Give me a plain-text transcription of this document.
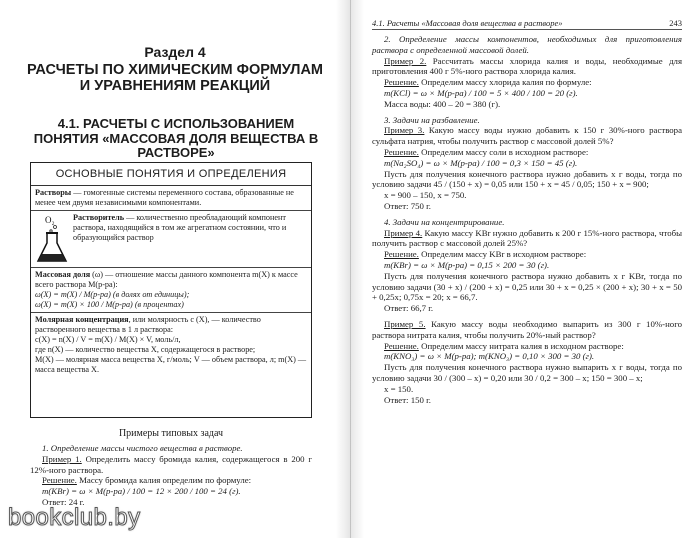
Раздел 4
РАСЧЕТЫ ПО ХИМИЧЕСКИМ ФОРМУЛАМ И УРАВНЕНИЯМ РЕАКЦИЙ
4.1. РАСЧЕТЫ С ИСПОЛЬЗОВАНИЕМ ПОНЯТИЯ «МАССОВАЯ ДОЛЯ ВЕЩЕСТВА В РАСТВОРЕ»
ОСНОВНЫЕ ПОНЯТИЯ И ОПРЕДЕЛЕНИЯ
Растворы — гомогенные системы переменного состава, образованные не менее чем двумя независимыми компонентами.
O₂ Растворитель — количественно преобладающий компонент раствора, находящийся в том же агрегатном состоянии, что и образующийся раствор
Массовая доля (ω) — отношение массы данного компонента m(X) к массе всего раствора M(р-ра):
ω(X) = m(X) / M(р-ра) (в долях от единицы);
ω(X) = m(X) × 100 / M(р-ра) (в процентах)
Молярная концентрация, или молярность с (X), — количество растворенного вещества в 1 л раствора:
c(X) = n(X) / V = m(X) / M(X) × V, моль/л,
где n(X) — количество вещества X, содержащегося в растворе;
M(X) — молярная масса вещества X, г/моль; V — объем раствора, л; m(X) — масса вещества X.
Примеры типовых задач

1. Определение массы чистого вещества в растворе.

Пример 1. Определить массу бромида калия, содержащегося в 200 г 12%-ного раствора.

Решение. Массу бромида калия определим по формуле:

m(KBr) = ω × M(р-ра) / 100 = 12 × 200 / 100 = 24 (г).

Ответ: 24 г.

4.1. Расчеты «Массовая доля вещества в растворе»	243

2. Определение массы компонентов, необходимых для приготовления раствора с определенной массовой долей.

Пример 2. Рассчитать массы хлорида калия и воды, необходимые для приготовления 400 г 5%-ного раствора хлорида калия.

Решение. Определим массу хлорида калия по формуле:

m(KCl) = ω × M(р-ра) / 100 = 5 × 400 / 100 = 20 (г).

Масса воды: 400 – 20 = 380 (г).

3. Задачи на разбавление.

Пример 3. Какую массу воды нужно добавить к 150 г 30%-ного раствора сульфата натрия, чтобы получить раствор с массовой долей 5%?

Решение. Определим массу соли в исходном растворе:

m(Na₂SO₄) = ω × M(р-ра) / 100 = 0,3 × 150 = 45 (г).

Пусть для получения конечного раствора нужно добавить x г воды, тогда по условию задачи 45 / (150 + x) = 0,05 или 150 + x = 45 / 0,05; 150 + x = 900;

x = 900 – 150, x = 750.

Ответ: 750 г.

4. Задачи на концентрирование.

Пример 4. Какую массу KBr нужно добавить к 200 г 15%-ного раствора, чтобы получить раствор с массовой долей 25%?

Решение. Определим массу KBr в исходном растворе:

m(KBr) = ω × M(р-ра) = 0,15 × 200 = 30 (г).

Пусть для получения конечного раствора нужно добавить x г KBr, тогда по условию задачи (30 + x) / (200 + x) = 0,25 или 30 + x = 0,25 × (200 + x); 30 + x = 50 + 0,25x; 0,75x = 20; x = 66,7.

Ответ: 66,7 г.

Пример 5. Какую массу воды необходимо выпарить из 300 г 10%-ного раствора нитрата калия, чтобы получить 20%-ный раствор?

Решение. Определим массу нитрата калия в исходном растворе:

m(KNO₃) = ω × M(р-ра); m(KNO₃) = 0,10 × 300 = 30 (г).

Пусть для получения конечного раствора нужно выпарить x г воды, тогда по условию задачи 30 / (300 – x) = 0,20 или 30 / 0,2 = 300 – x; 150 = 300 – x;

x = 150.

Ответ: 150 г.

bookclub.by
